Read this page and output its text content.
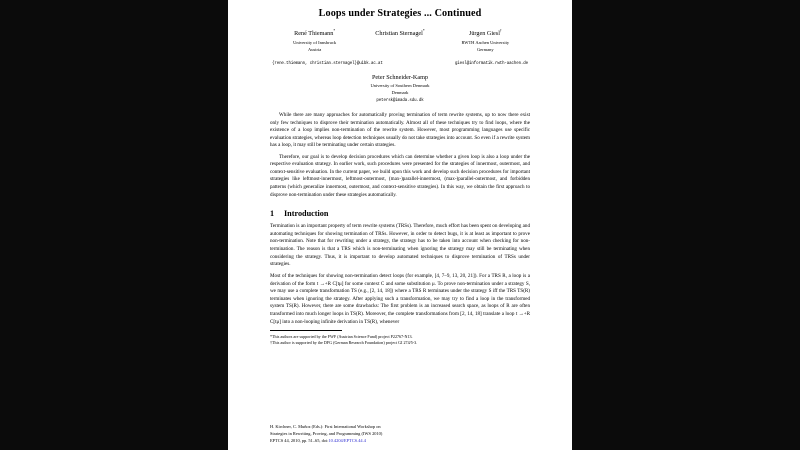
Loops under Strategies ... Continued
René Thiemann*
University of Innsbruck
Austria
Christian Sternagel*	Jürgen Giesl†
RWTH Aachen University
Germany
{rene.thiemann, christian.sternagel}@uibk.ac.at	giesl@informatik.rwth-aachen.de
Peter Schneider-Kamp
University of Southern Denmark
Denmark
petersk@imada.sdu.dk

While there are many approaches for automatically proving termination of term rewrite systems, up to now there exist only few techniques to disprove their termination automatically. Almost all of these techniques try to find loops, where the existence of a loop implies non-termination of the rewrite system. However, most programming languages use specific evaluation strategies, whereas loop detection techniques usually do not take strategies into account. So even if a rewrite system has a loop, it may still be terminating under certain strategies.

Therefore, our goal is to develop decision procedures which can determine whether a given loop is also a loop under the respective evaluation strategy. In earlier work, such procedures were presented for the strategies of innermost, outermost, and context-sensitive evaluation. In the current paper, we build upon this work and develop such decision procedures for important strategies like leftmost-innermost, leftmost-outermost, (max-)parallel-innermost, (max-)parallel-outermost, and forbidden patterns (which generalize innermost, outermost, and context-sensitive strategies). In this way, we obtain the first approach to disprove non-termination under these strategies automatically.

1 Introduction

Termination is an important property of term rewrite systems (TRSs). Therefore, much effort has been spent on developing and automating techniques for showing termination of TRSs. However, in order to detect bugs, it is at least as important to prove non-termination. Note that for rewriting under a strategy, the strategy has to be taken into account when checking for non-termination. The reason is that a TRS which is non-terminating when ignoring the strategy may still be terminating when considering the strategy. Thus, it is important to develop automated techniques to disprove termination of TRSs under strategies.

Most of the techniques for showing non-termination detect loops (for example, [4, 7–9, 13, 20, 21]). For a TRS R, a loop is a derivation of the form t →+R C[tμ] for some context C and some substitution μ. To prove non-termination under a strategy S, we may use a complete transformation TS (e.g., [2, 14, 18]) where a TRS R terminates under the strategy S iff the TRS TS(R) terminates when ignoring the strategy. After applying such a transformation, we may try to find a loop in the transformed system TS(R). However, there are some drawbacks: The first problem is an increased search space, as loops of R are often transformed into much longer loops in TS(R). Moreover, the complete transformations from [2, 14, 18] translate a loop t →+R C[tμ] into a non-looping infinite derivation in TS(R), whenever

*This authors are supported by the FWF (Austrian Science Fund) project P22767-N13.
†This author is supported by the DFG (German Research Foundation) project GI 274/5-3.
H. Kirchner, C. Muñoz (Eds.): First International Workshop on
Strategies in Rewriting, Proving, and Programming (IWS 2010)
EPTCS 44, 2010, pp. 51–65, doi:10.4204/EPTCS.44.4
